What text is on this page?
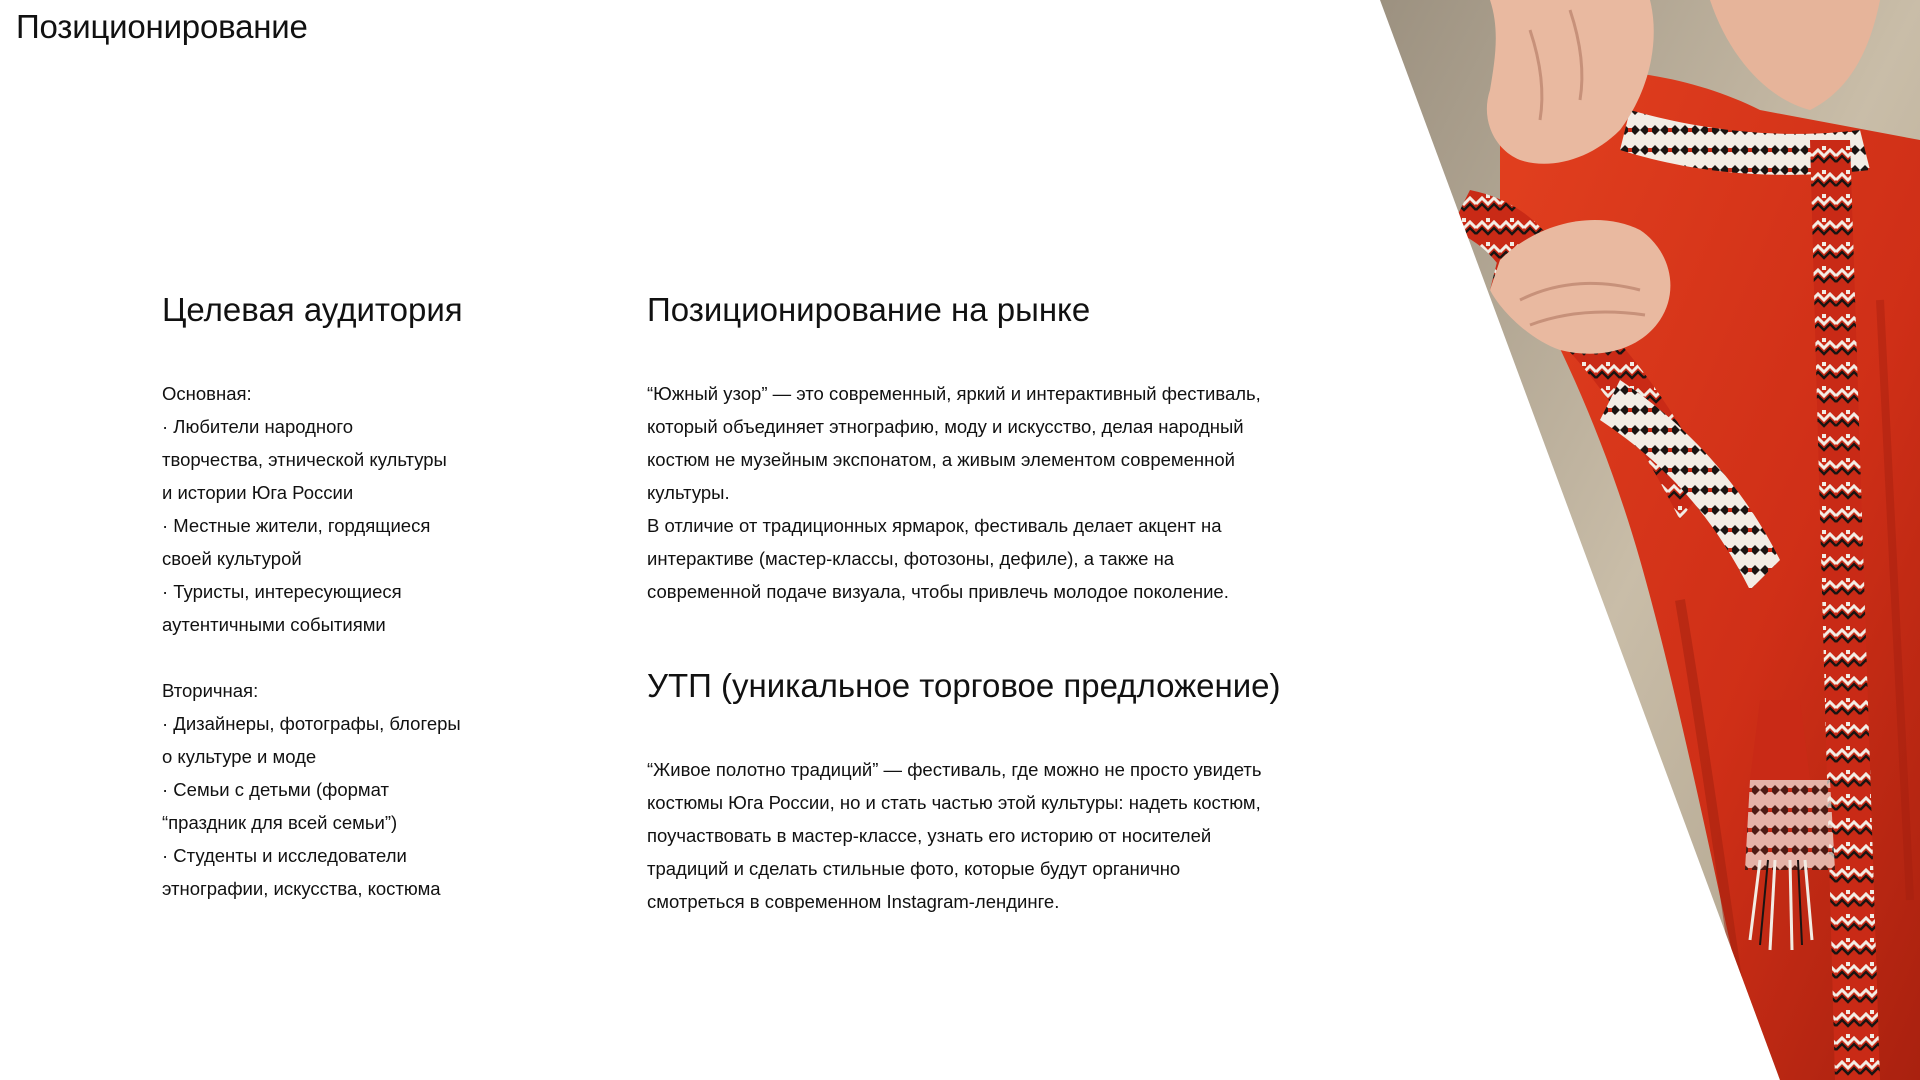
Позиционирование
Целевая аудитория
Основная:
· Любители народного
творчества, этнической культуры
и истории Юга России
· Местные жители, гордящиеся
своей культурой
· Туристы, интересующиеся
аутентичными событиями
Вторичная:
· Дизайнеры, фотографы, блогеры
о культуре и моде
· Семьи с детьми (формат
“праздник для всей семьи”)
· Студенты и исследователи
этнографии, искусства, костюма
Позиционирование на рынке
“Южный узор” — это современный, яркий и интерактивный фестиваль,
который объединяет этнографию, моду и искусство, делая народный
костюм не музейным экспонатом, а живым элементом современной
культуры.
В отличие от традиционных ярмарок, фестиваль делает акцент на
интерактиве (мастер-классы, фотозоны, дефиле), а также на
современной подаче визуала, чтобы привлечь молодое поколение.
УТП (уникальное торговое предложение)
“Живое полотно традиций” — фестиваль, где можно не просто увидеть
костюмы Юга России, но и стать частью этой культуры: надеть костюм,
поучаствовать в мастер-классе, узнать его историю от носителей
традиций и сделать стильные фото, которые будут органично
смотреться в современном Instagram-лендинге.
